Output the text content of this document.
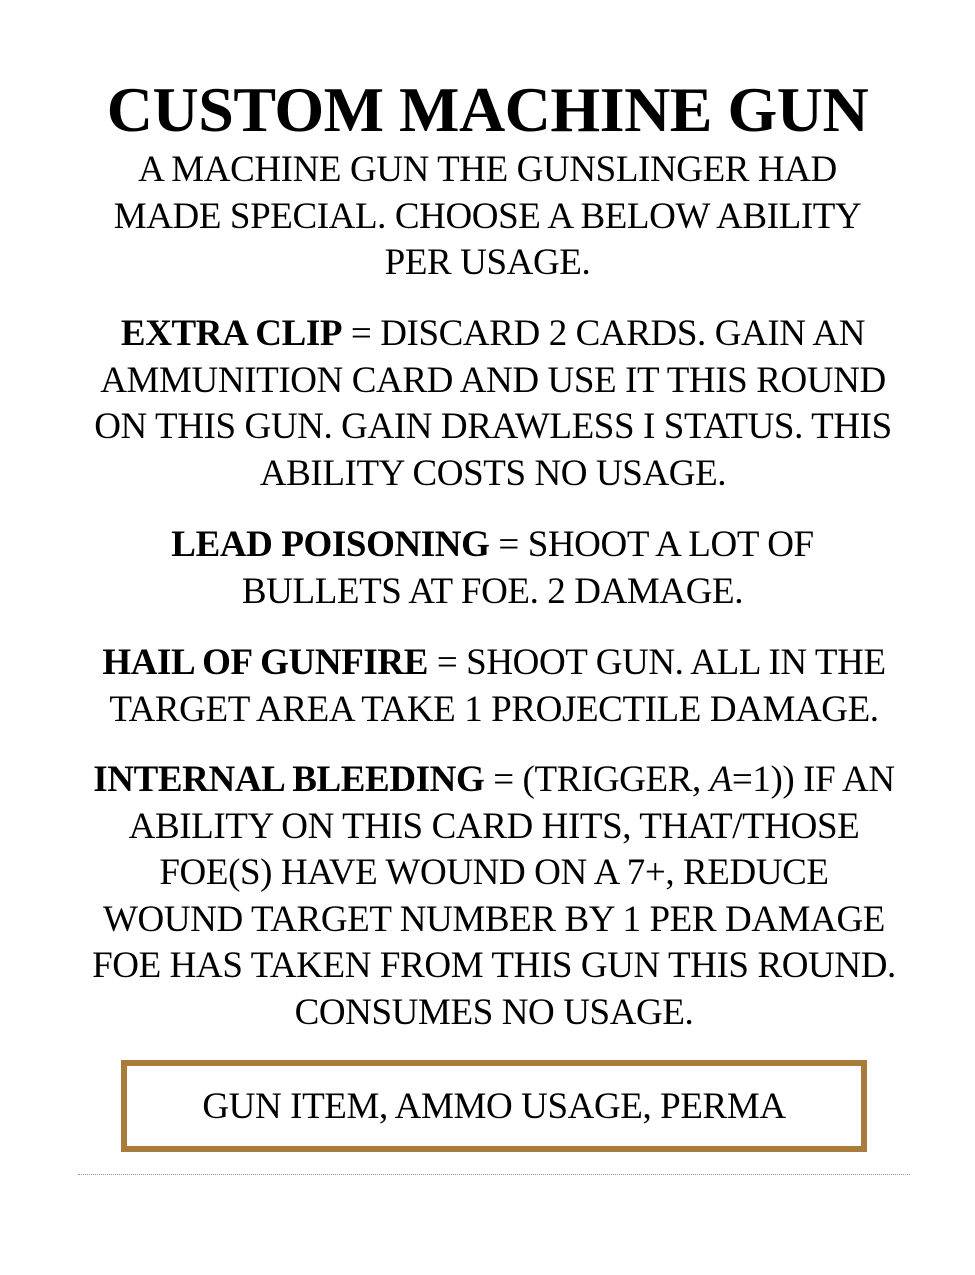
CUSTOM MACHINE GUN
A MACHINE GUN THE GUNSLINGER HAD MADE SPECIAL. CHOOSE A BELOW ABILITY PER USAGE.
EXTRA CLIP = DISCARD 2 CARDS. GAIN AN AMMUNITION CARD AND USE IT THIS ROUND ON THIS GUN. GAIN DRAWLESS I STATUS. THIS ABILITY COSTS NO USAGE.
LEAD POISONING = SHOOT A LOT OF BULLETS AT FOE. 2 DAMAGE.
HAIL OF GUNFIRE = SHOOT GUN. ALL IN THE TARGET AREA TAKE 1 PROJECTILE DAMAGE.
INTERNAL BLEEDING = (TRIGGER, A=1)) IF AN ABILITY ON THIS CARD HITS, THAT/THOSE FOE(S) HAVE WOUND ON A 7+, REDUCE WOUND TARGET NUMBER BY 1 PER DAMAGE FOE HAS TAKEN FROM THIS GUN THIS ROUND. CONSUMES NO USAGE.
GUN ITEM, AMMO USAGE, PERMA
